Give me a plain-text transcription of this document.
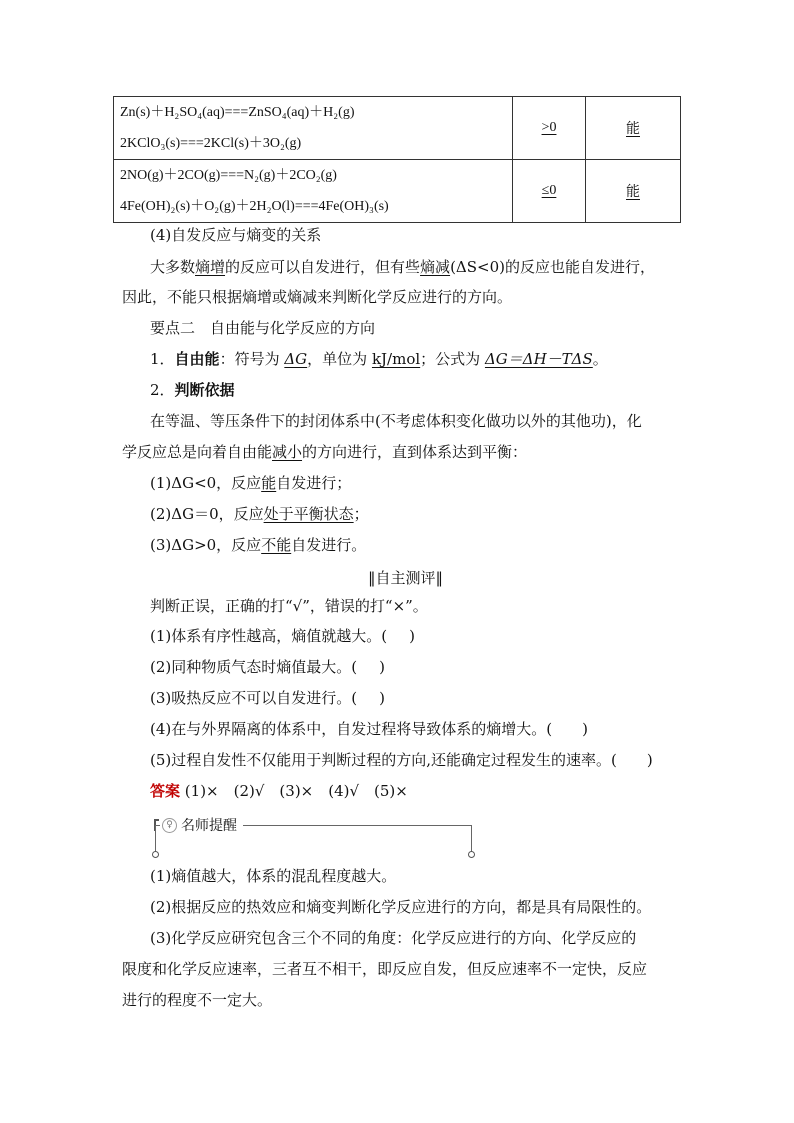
Zn(s)＋H₂SO₄(aq)===ZnSO₄(aq)＋H₂(g)
2KClO₃(s)===2KCl(s)＋3O₂(g)	>0	能

2NO(g)＋2CO(g)===N₂(g)＋2CO₂(g)
4Fe(OH)₂(s)＋O₂(g)＋2H₂O(l)===4Fe(OH)₃(s)	≤0	能
(4)自发反应与熵变的关系
大多数熵增的反应可以自发进行，但有些熵减(ΔS<0)的反应也能自发进行，
因此，不能只根据熵增或熵减来判断化学反应进行的方向。
要点二　自由能与化学反应的方向
1．自由能：符号为 ΔG，单位为 kJ/mol；公式为 ΔG＝ΔH－TΔS。
2．判断依据
在等温、等压条件下的封闭体系中(不考虑体积变化做功以外的其他功)，化
学反应总是向着自由能减小的方向进行，直到体系达到平衡：
(1)ΔG<0，反应能自发进行；
(2)ΔG＝0，反应处于平衡状态；
(3)ΔG>0，反应不能自发进行。
‖自主测评‖
判断正误，正确的打“√”，错误的打“×”。
(1)体系有序性越高，熵值就越大。( )
(2)同种物质气态时熵值最大。( )
(3)吸热反应不可以自发进行。( )
(4)在与外界隔离的体系中，自发过程将导致体系的熵增大。( )
(5)过程自发性不仅能用于判断过程的方向,还能确定过程发生的速率。( )
答案 (1)×　(2)√　(3)×　(4)√　(5)×
♀ 名师提醒
(1)熵值越大，体系的混乱程度越大。
(2)根据反应的热效应和熵变判断化学反应进行的方向，都是具有局限性的。
(3)化学反应研究包含三个不同的角度：化学反应进行的方向、化学反应的
限度和化学反应速率，三者互不相干，即反应自发，但反应速率不一定快，反应
进行的程度不一定大。
